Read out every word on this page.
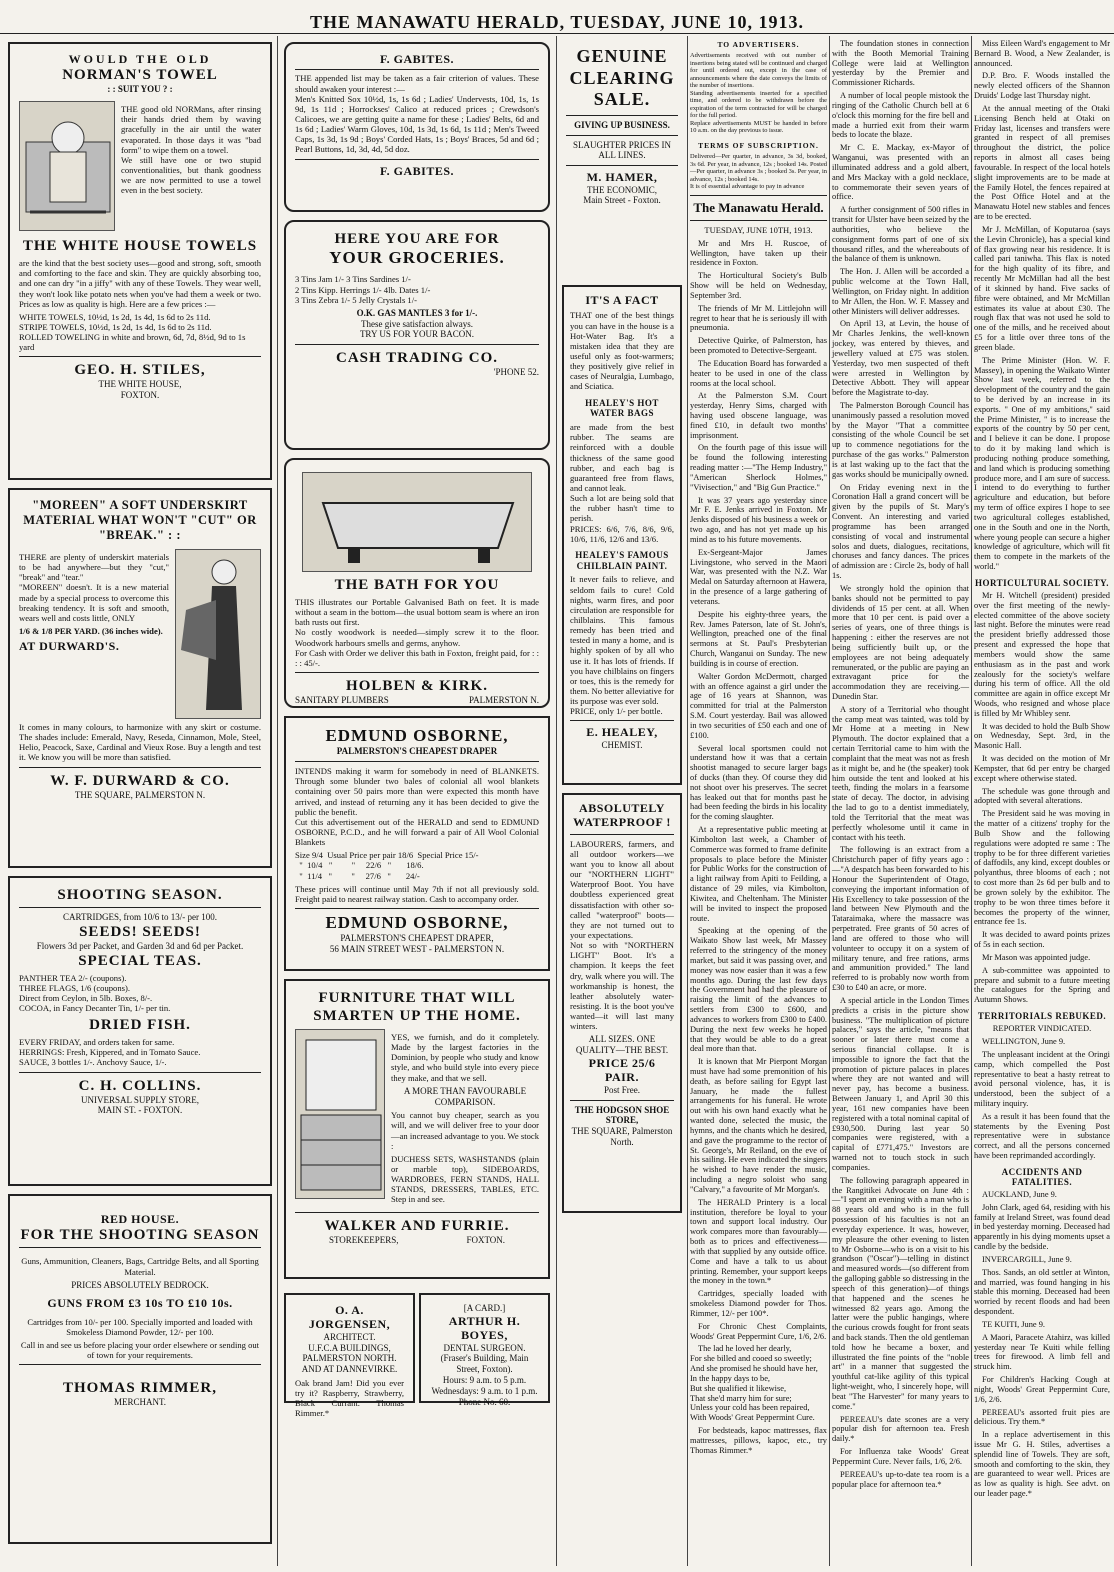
THE MANAWATU HERALD, TUESDAY, JUNE 10, 1913.
WOULD THE OLD
NORMAN'S TOWEL
: : SUIT YOU ? :
THE good old NORMans, after rinsing their hands dried them by waving gracefully in the air until the water evaporated. In those days it was "bad form" to wipe them on a towel.
We still have one or two stupid conventionalities, but thank goodness we are now permitted to use a towel even in the best society.
THE WHITE HOUSE TOWELS
are the kind that the best society uses—good and strong, soft, smooth and comforting to the face and skin. They are quickly absorbing too, and one can dry "in a jiffy" with any of these Towels. They wear well, they won't look like potato nets when you've had them a week or two. Prices as low as quality is high. Here are a few prices :—
WHITE TOWELS, 10½d, 1s 2d, 1s 4d, 1s 6d to 2s 11d.
STRIPE TOWELS, 10½d, 1s 2d, 1s 4d, 1s 6d to 2s 11d.
ROLLED TOWELING in white and brown, 6d, 7d, 8½d, 9d to 1s yard
GEO. H. STILES,
THE WHITE HOUSE,
FOXTON.
"MOREEN" A SOFT UNDERSKIRT MATERIAL WHAT WON'T "CUT" OR "BREAK." : :
THERE are plenty of underskirt materials to be had anywhere—but they "cut," "break" and "tear."
"MOREEN" doesn't. It is a new material made by a special process to overcome this breaking tendency. It is soft and smooth, wears well and costs little, ONLY
1/6 & 1/8 PER YARD. (36 inches wide).
AT DURWARD'S.
It comes in many colours, to harmonize with any skirt or costume. The shades include: Emerald, Navy, Reseda, Cinnamon, Mole, Steel, Helio, Peacock, Saxe, Cardinal and Vieux Rose. Buy a length and test it. We know you will be more than satisfied.
W. F. DURWARD & CO.
THE SQUARE, PALMERSTON N.
SHOOTING SEASON.
CARTRIDGES, from 10/6 to 13/- per 100.
SEEDS! SEEDS!
Flowers 3d per Packet, and Garden 3d and 6d per Packet.
SPECIAL TEAS.
PANTHER TEA 2/- (coupons).
THREE FLAGS, 1/6 (coupons).
Direct from Ceylon, in 5lb. Boxes, 8/-.
COCOA, in Fancy Decanter Tin, 1/- per tin.
DRIED FISH.
EVERY FRIDAY, and orders taken for same.
HERRINGS: Fresh, Kippered, and in Tomato Sauce.
SAUCE, 3 bottles 1/-. Anchovy Sauce, 1/-.
C. H. COLLINS.
UNIVERSAL SUPPLY STORE,
MAIN ST. - FOXTON.
RED HOUSE.
FOR THE SHOOTING SEASON
Guns, Ammunition, Cleaners, Bags, Cartridge Belts, and all Sporting Material.
PRICES ABSOLUTELY BEDROCK.
GUNS FROM £3 10s TO £10 10s.
Cartridges from 10/- per 100. Specially imported and loaded with Smokeless Diamond Powder, 12/- per 100.
Call in and see us before placing your order elsewhere or sending out of town for your requirements.
THOMAS RIMMER,
MERCHANT.
F. GABITES.
THE appended list may be taken as a fair criterion of values. These should awaken your interest :—
Men's Knitted Sox 10½d, 1s, 1s 6d ; Ladies' Undervests, 10d, 1s, 1s 9d, 1s 11d ; Horrockses' Calico at reduced prices ; Crewdson's Calicoes, we are getting quite a name for these ; Ladies' Belts, 6d and 1s 6d ; Ladies' Warm Gloves, 10d, 1s 3d, 1s 6d, 1s 11d ; Men's Tweed Caps, 1s 3d, 1s 9d ; Boys' Corded Hats, 1s ; Boys' Braces, 5d and 6d ; Pearl Buttons, 1d, 3d, 4d, 5d doz.
F. GABITES.
HERE YOU ARE FOR
YOUR GROCERIES.
3 Tins Jam 1/- 3 Tins Sardines 1/-
2 Tins Kipp. Herrings 1/- 4lb. Dates 1/-
3 Tins Zebra 1/- 5 Jelly Crystals 1/-
O.K. GAS MANTLES 3 for 1/-.
These give satisfaction always.
TRY US FOR YOUR BACON.
CASH TRADING CO.
'PHONE 52.
THE BATH FOR YOU
THIS illustrates our Portable Galvanised Bath on feet. It is made without a seam in the bottom—the usual bottom seam is where an iron bath rusts out first.
No costly woodwork is needed—simply screw it to the floor. Woodwork harbours smells and germs, anyhow.
For Cash with Order we deliver this bath in Foxton, freight paid, for : : : : 45/-.
HOLBEN & KIRK.
SANITARY PLUMBERS	PALMERSTON N.
EDMUND OSBORNE,
PALMERSTON'S CHEAPEST DRAPER
INTENDS making it warm for somebody in need of BLANKETS. Through some blunder two bales of colonial all wool blankets containing over 50 pairs more than were expected this month have arrived, and instead of returning any it has been decided to give the public the benefit.
Cut this advertisement out of the HERALD and send to EDMUND OSBORNE, P.C.D., and he will forward a pair of All Wool Colonial Blankets
Size 9/4  Usual Price per pair 18/6  Special Price 15/-
"  10/4   "         "     22/6   "       18/6.
"  11/4   "         "     27/6   "       24/-
These prices will continue until May 7th if not all previously sold. Freight paid to nearest railway station. Cash to accompany order.
EDMUND OSBORNE,
PALMERSTON'S CHEAPEST DRAPER,
56 MAIN STREET WEST - PALMERSTON N.
FURNITURE THAT WILL SMARTEN UP THE HOME.
YES, we furnish, and do it completely. Made by the largest factories in the Dominion, by people who study and know style, and who build style into every piece they make, and that we sell.
A MORE THAN FAVOURABLE COMPARISON.
You cannot buy cheaper, search as you will, and we will deliver free to your door—an increased advantage to you. We stock :
DUCHESS SETS, WASHSTANDS (plain or marble top), SIDEBOARDS, WARDROBES, FERN STANDS, HALL STANDS, DRESSERS, TABLES, ETC. Step in and see.
WALKER AND FURRIE.
STOREKEEPERS,	FOXTON.
O. A. JORGENSEN,
ARCHITECT.
U.F.C.A BUILDINGS, PALMERSTON NORTH.
AND AT DANNEVIRKE.
Oak brand Jam! Did you ever try it? Raspberry, Strawberry, Black Currant. Thomas Rimmer.*
[A CARD.]
ARTHUR H. BOYES,
DENTAL SURGEON.
(Fraser's Building, Main Street, Foxton).
Hours: 9 a.m. to 5 p.m. Wednesdays: 9 a.m. to 1 p.m.
Phone No. 60.
GENUINE CLEARING SALE.
GIVING UP BUSINESS.
SLAUGHTER PRICES IN ALL LINES.
M. HAMER,
THE ECONOMIC,
Main Street - Foxton.
IT'S A FACT
THAT one of the best things you can have in the house is a Hot-Water Bag. It's a mistaken idea that they are useful only as foot-warmers; they positively give relief in cases of Neuralgia, Lumbago, and Sciatica.
HEALEY'S HOT WATER BAGS
are made from the best rubber. The seams are reinforced with a double thickness of the same good rubber, and each bag is guaranteed free from flaws, and cannot leak.
Such a lot are being sold that the rubber hasn't time to perish.
PRICES: 6/6, 7/6, 8/6, 9/6, 10/6, 11/6, 12/6 and 13/6.
HEALEY'S FAMOUS CHILBLAIN PAINT.
It never fails to relieve, and seldom fails to cure! Cold nights, warm fires, and poor circulation are responsible for chilblains. This famous remedy has been tried and tested in many a home, and is highly spoken of by all who use it. It has lots of friends. If you have chilblains on fingers or toes, this is the remedy for them. No better alleviative for its purpose was ever sold.
PRICE, only 1/- per bottle.
E. HEALEY,
CHEMIST.
ABSOLUTELY WATERPROOF !
LABOURERS, farmers, and all outdoor workers—we want you to know all about our "NORTHERN LIGHT" Waterproof Boot. You have doubtless experienced great dissatisfaction with other so-called "waterproof" boots—they are not turned out to your expectations.
Not so with "NORTHERN LIGHT" Boot. It's a champion. It keeps the feet dry, walk where you will. The workmanship is honest, the leather absolutely water-resisting. It is the boot you've wanted—it will last many winters.
ALL SIZES. ONE QUALITY—THE BEST.
PRICE 25/6 PAIR.
Post Free.
THE HODGSON SHOE STORE,
THE SQUARE, Palmerston North.
TO ADVERTISERS.
Advertisements received with out number of insertions being stated will be continued and charged for until ordered out, except in the case of announcements where the date conveys the limits of the number of insertions.
Standing advertisements inserted for a specified time, and ordered to be withdrawn before the expiration of the term contracted for will be charged for the full period.
Replace advertisements MUST be handed in before 10 a.m. on the day previous to issue.
TERMS OF SUBSCRIPTION.
Delivered—Per quarter, in advance, 3s 3d, booked, 3s 6d. Per year, in advance, 12s ; booked 14s. Posted—Per quarter, in advance 3s ; booked 3s. Per year, in advance, 12s ; booked 14s.
It is of essential advantage to pay in advance
The Manawatu Herald.
TUESDAY, JUNE 10TH, 1913.

Mr and Mrs H. Ruscoe, of Wellington, have taken up their residence in Foxton.

The Horticultural Society's Bulb Show will be held on Wednesday, September 3rd.

The friends of Mr M. Littlejohn will regret to hear that he is seriously ill with pneumonia.

Detective Quirke, of Palmerston, has been promoted to Detective-Sergeant.

The Education Board has forwarded a heater to be used in one of the class rooms at the local school.

At the Palmerston S.M. Court yesterday, Henry Sims, charged with having used obscene language, was fined £10, in default two months' imprisonment.

On the fourth page of this issue will be found the following interesting reading matter :—"The Hemp Industry," "American Sherlock Holmes," "Vivisection," and "Big Gun Practice."

It was 37 years ago yesterday since Mr F. E. Jenks arrived in Foxton. Mr Jenks disposed of his business a week or two ago, and has not yet made up his mind as to his future movements.

Ex-Sergeant-Major James Livingstone, who served in the Maori War, was presented with the N.Z. War Medal on Saturday afternoon at Hawera, in the presence of a large gathering of veterans.

Despite his eighty-three years, the Rev. James Paterson, late of St. John's, Wellington, preached one of the final sermons at St. Paul's Presbyterian Church, Wanganui on Sunday. The new building is in course of erection.

Walter Gordon McDermott, charged with an offence against a girl under the age of 16 years at Shannon, was committed for trial at the Palmerston S.M. Court yesterday. Bail was allowed in two securities of £50 each and one of £100.

Several local sportsmen could not understand how it was that a certain shootist managed to secure larger bags of ducks (than they. Of course they did not shoot over his preserves. The secret has leaked out that for months past he had been feeding the birds in his locality for the coming slaughter.

At a representative public meeting at Kimbolton last week, a Chamber of Commerce was formed to frame definite proposals to place before the Minister for Public Works for the construction of a light railway from Apiti to Feilding, a distance of 29 miles, via Kimbolton, Kiwitea, and Cheltenham. The Minister will be invited to inspect the proposed route.

Speaking at the opening of the Waikato Show last week, Mr Massey referred to the stringency of the money market, but said it was passing over, and money was now easier than it was a few months ago. During the last few days the Government had had the pleasure of raising the limit of the advances to settlers from £300 to £600, and advances to workers from £300 to £400. During the next few weeks he hoped that they would be able to do a great deal more than that.

It is known that Mr Pierpont Morgan must have had some premonition of his death, as before sailing for Egypt last January, he made the fullest arrangements for his funeral. He wrote out with his own hand exactly what he wanted done, selected the music, the hymns, and the chants which he desired, and gave the programme to the rector of St. George's, Mr Reiland, on the eve of his sailing. He even indicated the singers he wished to have render the music, including a negro soloist who sang "Calvary," a favourite of Mr Morgan's.

The HERALD Printery is a local institution, therefore be loyal to your town and support local industry. Our work compares more than favourably—both as to prices and effectiveness—with that supplied by any outside office. Come and have a talk to us about printing. Remember, your support keeps the money in the town.*

Cartridges, specially loaded with smokeless Diamond powder for Thos. Rimmer, 12/- per 100*.

For Chronic Chest Complaints, Woods' Great Peppermint Cure, 1/6, 2/6.

The lad he loved her dearly,
For she billed and cooed so sweetly;
And she promised he should have her,
In the happy days to be,
But she qualified it likewise,
That she'd marry him for sure;
Unless your cold has been repaired,
With Woods' Great Peppermint Cure.

For bedsteads, kapoc mattresses, flax mattresses, pillows, kapoc, etc., try Thomas Rimmer.*

The foundation stones in connection with the Booth Memorial Training College were laid at Wellington yesterday by the Premier and Commissioner Richards.

A number of local people mistook the ringing of the Catholic Church bell at 6 o'clock this morning for the fire bell and made a hurried exit from their warm beds to locate the blaze.

Mr C. E. Mackay, ex-Mayor of Wanganui, was presented with an illuminated address and a gold albert, and Mrs Mackay with a gold necklace, to commemorate their seven years of office.

A further consignment of 500 rifles in transit for Ulster have been seized by the authorities, who believe the consignment forms part of one of six thousand rifles, and the whereabouts of the balance of them is unknown.

The Hon. J. Allen will be accorded a public welcome at the Town Hall, Wellington, on Friday night. In addition to Mr Allen, the Hon. W. F. Massey and other Ministers will deliver addresses.

On April 13, at Levin, the house of Mr Charles Jenkins, the well-known jockey, was entered by thieves, and jewellery valued at £75 was stolen. Yesterday, two men suspected of theft were arrested in Wellington by Detective Abbott. They will appear before the Magistrate to-day.

The Palmerston Borough Council has unanimously passed a resolution moved by the Mayor "That a committee consisting of the whole Council be set up to commence negotiations for the purchase of the gas works." Palmerston is at last waking up to the fact that the gas works should be municipally owned.

On Friday evening next in the Coronation Hall a grand concert will be given by the pupils of St. Mary's Convent. An interesting and varied programme has been arranged consisting of vocal and instrumental solos and duets, dialogues, recitations, choruses and fancy dances. The prices of admission are : Circle 2s, body of hall 1s.

We strongly hold the opinion that banks should not be permitted to pay dividends of 15 per cent. at all. When more that 10 per cent. is paid over a series of years, one of three things is happening : either the reserves are not being sufficiently built up, or the employees are not being adequately remunerated, or the public are paying an extravagant price for the accommodation they are receiving.—Dunedin Star.

A story of a Territorial who thought the camp meat was tainted, was told by Mr Home at a meeting in New Plymouth. The doctor explained that a certain Territorial came to him with the complaint that the meat was not as fresh as it might be, and he (the speaker) took him outside the tent and looked at his teeth, finding the molars in a fearsome state of decay. The doctor, in advising the lad to go to a dentist immediately, told the Territorial that the meat was perfectly wholesome until it came in contact with his teeth.

The following is an extract from a Christchurch paper of fifty years ago :—"A despatch has been forwarded to his Honour the Superintendent of Otago, conveying the important information of His Excellency to take possession of the land between New Plymouth and the Tataraimaka, where the massacre was perpetrated. Free grants of 50 acres of land are offered to those who will volunteer to occupy it on a system of military tenure, and free rations, arms and ammunition provided." The land referred to is probably now worth from £30 to £40 an acre, or more.

A special article in the London Times predicts a crisis in the picture show business. "The multiplication of picture palaces," says the article, "means that sooner or later there must come a serious financial collapse. It is impossible to ignore the fact that the promotion of picture palaces in places where they are not wanted and will never pay, has become a business. Between January 1, and April 30 this year, 161 new companies have been registered with a total nominal capital of £930,500. During last year 50 companies were registered, with a capital of £771,475." Investors are warned not to touch stock in such companies.

The following paragraph appeared in the Rangitikei Advocate on June 4th :—"I spent an evening with a man who is 88 years old and who is in the full possession of his faculties is not an everyday experience. It was, however, my pleasure the other evening to listen to Mr Osborne—who is on a visit to his grandson ("Oscar")—telling in distinct and measured words—(so different from the galloping gabble so distressing in the speech of this generation)—of things that happened and the scenes he witnessed 82 years ago. Among the latter were the public hangings, where the curious crowds fought for front seats and back stands. Then the old gentleman told how he became a boxer, and illustrated the fine points of the "noble art" in a manner that suggested the youthful cat-like agility of this typical light-weight, who, I sincerely hope, will beat "The Harvester" for many years to come."

PEREEAU's date scones are a very popular dish for afternoon tea. Fresh daily.*

For Influenza take Woods' Great Peppermint Cure. Never fails, 1/6, 2/6.

PEREEAU's up-to-date tea room is a popular place for afternoon tea.*

Miss Eileen Ward's engagement to Mr Bernard B. Wood, a New Zealander, is announced.

D.P. Bro. F. Woods installed the newly elected officers of the Shannon Druids' Lodge last Thursday night.

At the annual meeting of the Otaki Licensing Bench held at Otaki on Friday last, licenses and transfers were granted in respect of all premises throughout the district, the police reports in almost all cases being favourable. In respect of the local hotels slight improvements are to be made at the Family Hotel, the fences repaired at the Post Office Hotel and at the Manawatu Hotel new stables and fences are to be erected.

Mr J. McMillan, of Koputaroa (says the Levin Chronicle), has a special kind of flax growing near his residence. It is called pari taniwha. This flax is noted for the high quality of its fibre, and recently Mr McMillan had all the best of it skinned by hand. Five sacks of fibre were obtained, and Mr McMillan estimates its value at about £30. The rough flax that was not used he sold to one of the mills, and he received about £5 for a little over three tons of the green blade.

The Prime Minister (Hon. W. F. Massey), in opening the Waikato Winter Show last week, referred to the development of the country and the gain to be derived by an increase in its exports. " One of my ambitions," said the Prime Minister, " is to increase the exports of the country by 50 per cent, and I believe it can be done. I propose to do it by making land which is producing nothing produce something, and land which is producing something produce more, and I am sure of success. I intend to do everything to further agriculture and education, but before my term of office expires I hope to see two agricultural colleges established, one in the South and one in the North, where young people can secure a higher knowledge of agriculture, which will fit them to compete in the markets of the world."

HORTICULTURAL SOCIETY.

Mr H. Witchell (president) presided over the first meeting of the newly-elected committee of the above society last night. Before the minutes were read the president briefly addressed those present and expressed the hope that members would show the same enthusiasm as in the past and work zealously for the society's welfare during his term of office. All the old committee are again in office except Mr Woods, who resigned and whose place is filled by Mr Whibley senr.

It was decided to hold the Bulb Show on Wednesday, Sept. 3rd, in the Masonic Hall.

It was decided on the motion of Mr Kempster, that 6d per entry be charged except where otherwise stated.

The schedule was gone through and adopted with several alterations.

The President said he was moving in the matter of a citizens' trophy for the Bulb Show and the following regulations were adopted re same : The trophy to be for three different varieties of daffodils, any kind, except doubles or polyanthus, three blooms of each ; not to cost more than 2s 6d per bulb and to be grown solely by the exhibitor. The trophy to be won three times before it becomes the property of the winner, entrance fee 1s.

It was decided to award points prizes of 5s in each section.

Mr Mason was appointed judge.

A sub-committee was appointed to prepare and submit to a future meeting the catalogues for the Spring and Autumn Shows.

TERRITORIALS REBUKED.
REPORTER VINDICATED.

WELLINGTON, June 9.

The unpleasant incident at the Oringi camp, which compelled the Post representative to beat a hasty retreat to avoid personal violence, has, it is understood, been the subject of a military inquiry.

As a result it has been found that the statements by the Evening Post representative were in substance correct, and all the persons concerned have been reprimanded accordingly.

ACCIDENTS AND FATALITIES.

AUCKLAND, June 9.

John Clark, aged 64, residing with his family at Ireland Street, was found dead in bed yesterday morning. Deceased had apparently in his dying moments upset a candle by the bedside.

INVERCARGILL, June 9.

Thos. Sands, an old settler at Winton, and married, was found hanging in his stable this morning. Deceased had been worried by recent floods and had been despondent.

TE KUITI, June 9.

A Maori, Paracete Atahirz, was killed yesterday near Te Kuiti while felling trees for firewood. A limb fell and struck him.

For Children's Hacking Cough at night, Woods' Great Peppermint Cure, 1/6, 2/6.

PEREEAU's assorted fruit pies are delicious. Try them.*

In a replace advertisement in this issue Mr G. H. Stiles, advertises a splendid line of Towels. They are soft, smooth and comforting to the skin, they are guaranteed to wear well. Prices are as low as quality is high. See advt. on our leader page.*
